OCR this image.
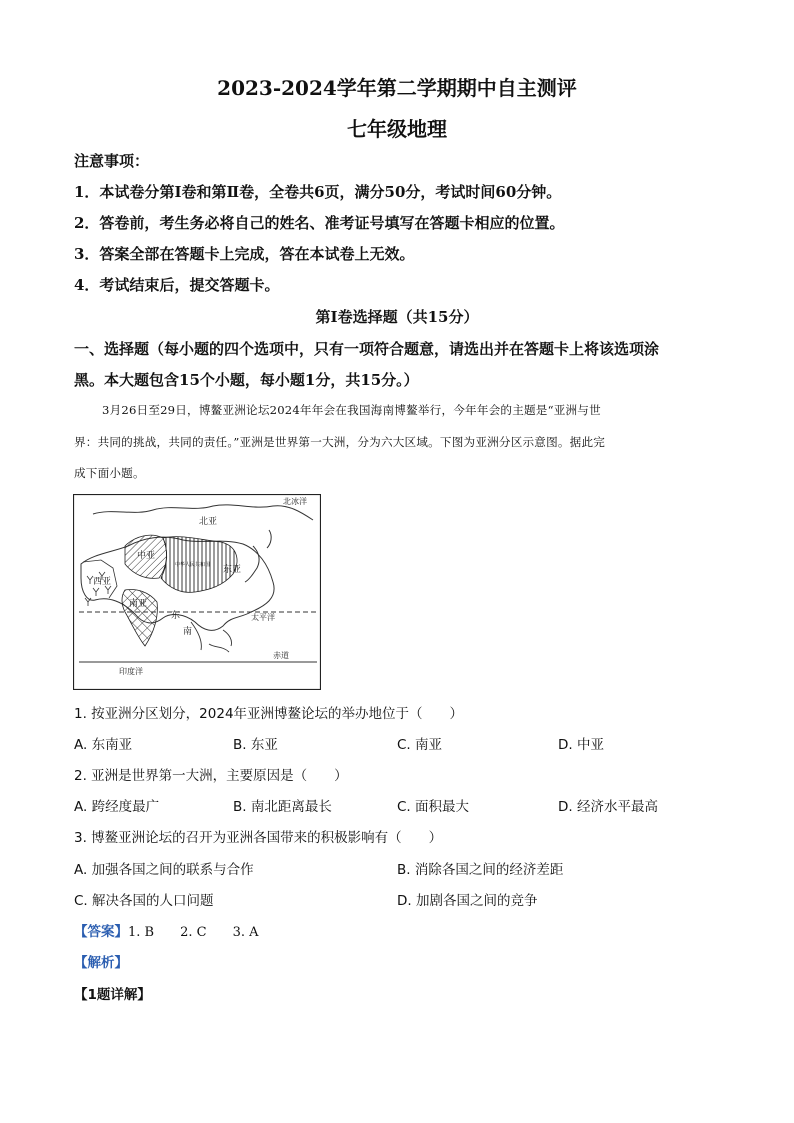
2023-2024学年第二学期期中自主测评
七年级地理
注意事项：
1．本试卷分第Ⅰ卷和第Ⅱ卷，全卷共6页，满分50分，考试时间60分钟。
2．答卷前，考生务必将自己的姓名、准考证号填写在答题卡相应的位置。
3．答案全部在答题卡上完成，答在本试卷上无效。
4．考试结束后，提交答题卡。
第Ⅰ卷选择题（共15分）
一、选择题（每小题的四个选项中，只有一项符合题意，请选出并在答题卡上将该选项涂
黑。本大题包含15个小题，每小题1分，共15分。）
3月26日至29日，博鳌亚洲论坛2024年年会在我国海南博鳌举行，今年年会的主题是“亚洲与世
界：共同的挑战，共同的责任。”亚洲是世界第一大洲，分为六大区域。下图为亚洲分区示意图。据此完
成下面小题。
北冰洋
北亚
中亚
中华人民共和国 东亚
西亚
南亚
东
南
太平洋
赤道
印度洋
1. 按亚洲分区划分，2024年亚洲博鳌论坛的举办地位于（　　）
A. 东南亚	B. 东亚	C. 南亚	D. 中亚
2. 亚洲是世界第一大洲，主要原因是（　　）
A. 跨经度最广	B. 南北距离最长	C. 面积最大	D. 经济水平最高
3. 博鳌亚洲论坛的召开为亚洲各国带来的积极影响有（　　）
A. 加强各国之间的联系与合作	B. 消除各国之间的经济差距
C. 解决各国的人口问题	D. 加剧各国之间的竞争
【答案】1. B　　2. C　　3. A
【解析】
【1题详解】
